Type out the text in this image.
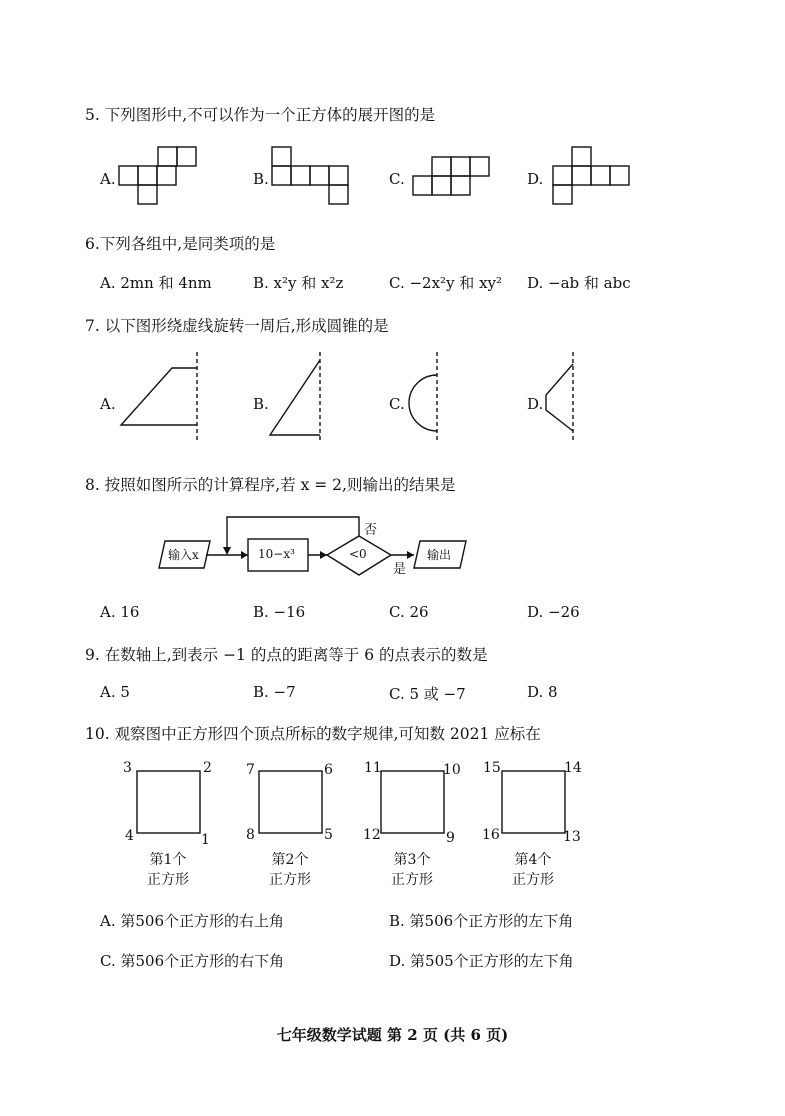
5. 下列图形中,不可以作为一个正方体的展开图的是
A.	B.	C.	D.
6.下列各组中,是同类项的是
A. 2mn 和 4nm	B. x²y 和 x²z	C. −2x²y 和 xy² D. −ab 和 abc
7. 以下图形绕虚线旋转一周后,形成圆锥的是
A.	B.	C.	D.
8. 按照如图所示的计算程序,若 x = 2,则输出的结果是
输入x	10−x³	<0
否
是
输出
A. 16	B. −16	C. 26	D. −26
9. 在数轴上,到表示 −1 的点的距离等于 6 的点表示的数是
A. 5	B. −7	C. 5 或 −7	D. 8
10. 观察图中正方形四个顶点所标的数字规律,可知数 2021 应标在
3	2
4	1
第1个
正方形
7	6
8	5
第2个
正方形
11	10
12	9
第3个
正方形
15	14
16	13
第4个
正方形
A. 第506个正方形的右上角	B. 第506个正方形的左下角
C. 第506个正方形的右下角	D. 第505个正方形的左下角
七年级数学试题 第 2 页 (共 6 页)
